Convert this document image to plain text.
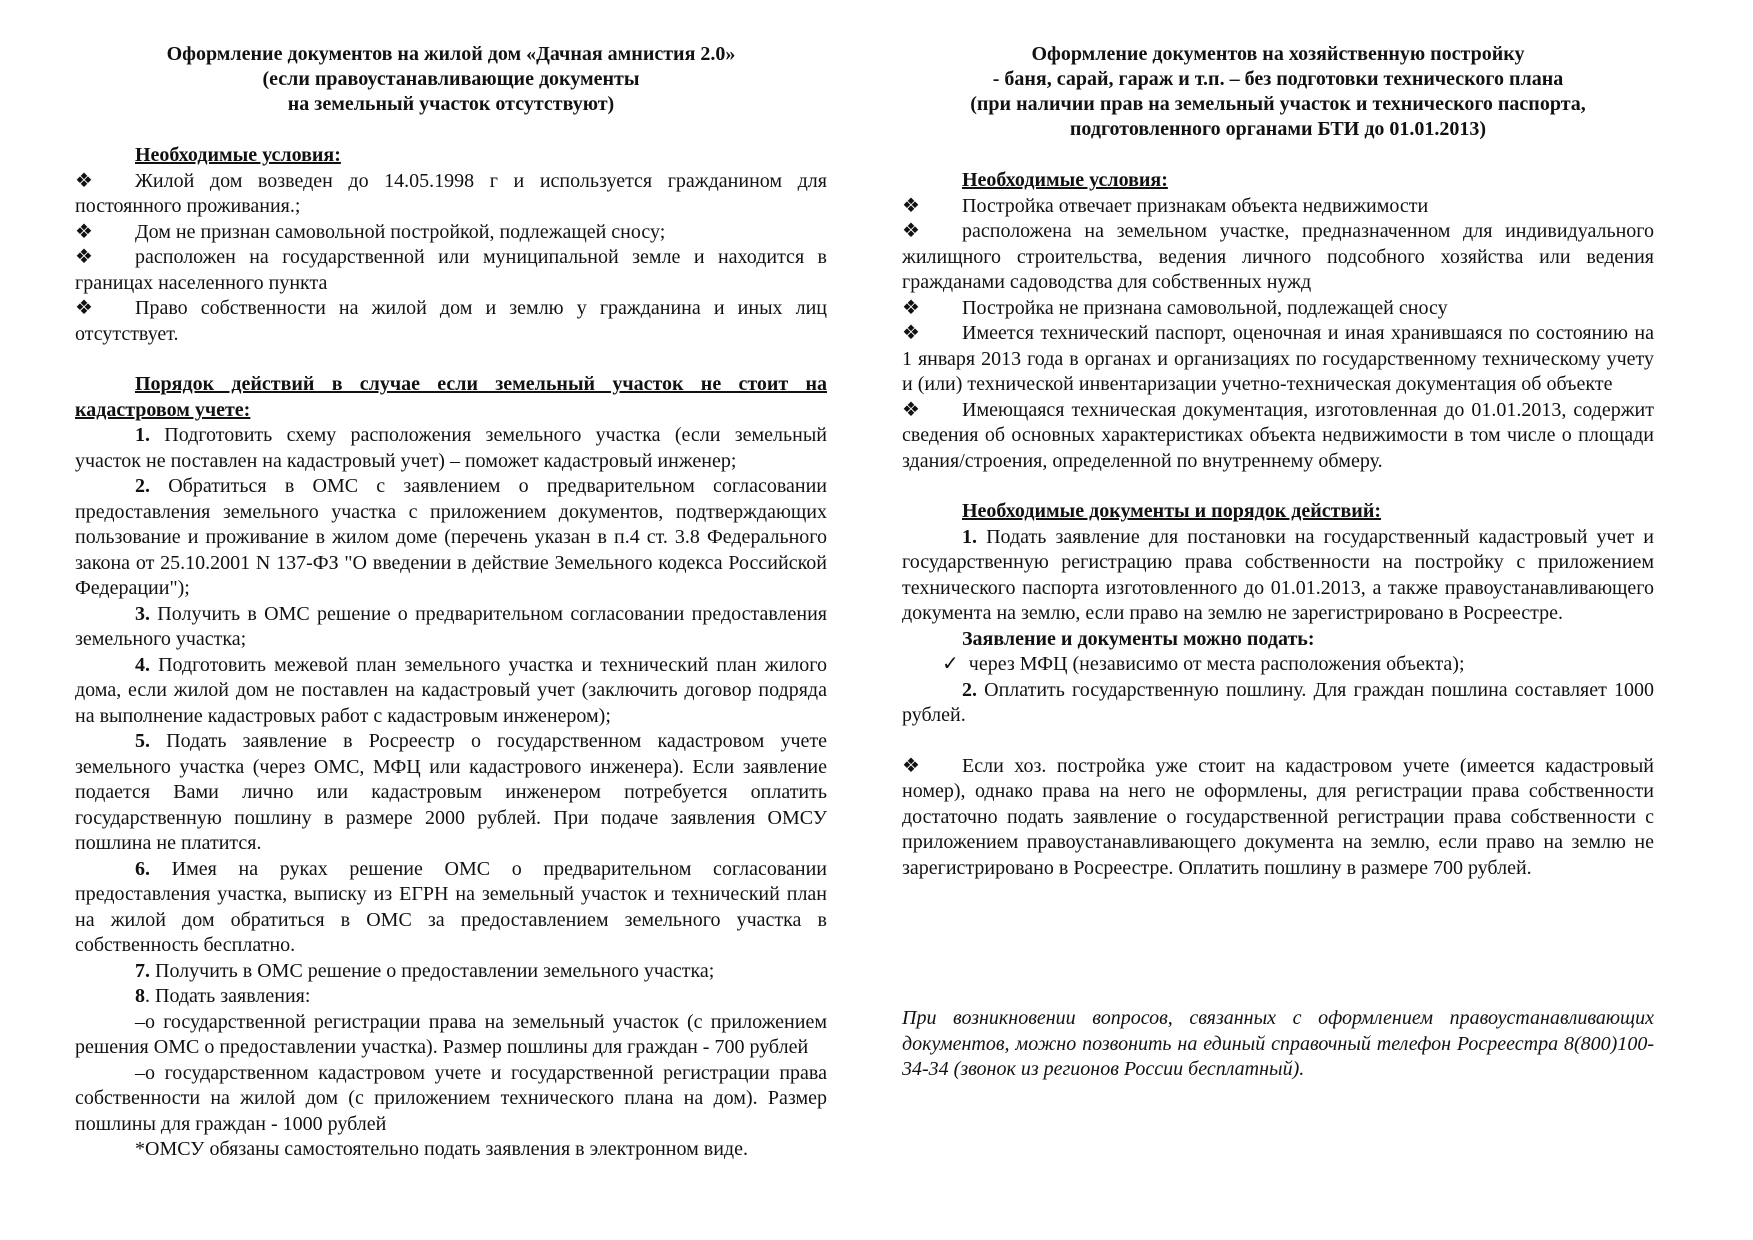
Оформление документов на жилой дом «Дачная амнистия 2.0»
(если правоустанавливающие документы
на земельный участок отсутствуют)

Необходимые условия:

❖ Жилой дом возведен до 14.05.1998 г и используется гражданином для постоянного проживания.;

❖ Дом не признан самовольной постройкой, подлежащей сносу;

❖ расположен на государственной или муниципальной земле и находится в границах населенного пункта

❖ Право собственности на жилой дом и землю у гражданина и иных лиц отсутствует.

Порядок действий в случае если земельный участок не стоит на кадастровом учете:

1. Подготовить схему расположения земельного участка (если земельный участок не поставлен на кадастровый учет) – поможет кадастровый инженер;

2. Обратиться в ОМС с заявлением о предварительном согласовании предоставления земельного участка с приложением документов, подтверждающих пользование и проживание в жилом доме (перечень указан в п.4 ст. 3.8 Федерального закона от 25.10.2001 N 137-ФЗ "О введении в действие Земельного кодекса Российской Федерации");

3. Получить в ОМС решение о предварительном согласовании предоставления земельного участка;

4. Подготовить межевой план земельного участка и технический план жилого дома, если жилой дом не поставлен на кадастровый учет (заключить договор подряда на выполнение кадастровых работ с кадастровым инженером);

5. Подать заявление в Росреестр о государственном кадастровом учете земельного участка (через ОМС, МФЦ или кадастрового инженера). Если заявление подается Вами лично или кадастровым инженером потребуется оплатить государственную пошлину в размере 2000 рублей. При подаче заявления ОМСУ пошлина не платится.

6. Имея на руках решение ОМС о предварительном согласовании предоставления участка, выписку из ЕГРН на земельный участок и технический план на жилой дом обратиться в ОМС за предоставлением земельного участка в собственность бесплатно.

7. Получить в ОМС решение о предоставлении земельного участка;

8. Подать заявления:

–о государственной регистрации права на земельный участок (с приложением решения ОМС о предоставлении участка). Размер пошлины для граждан - 700 рублей

–о государственном кадастровом учете и государственной регистрации права собственности на жилой дом (с приложением технического плана на дом). Размер пошлины для граждан - 1000 рублей

*ОМСУ обязаны самостоятельно подать заявления в электронном виде.

Оформление документов на хозяйственную постройку
- баня, сарай, гараж и т.п. – без подготовки технического плана
(при наличии прав на земельный участок и технического паспорта,
подготовленного органами БТИ до 01.01.2013)

Необходимые условия:

❖ Постройка отвечает признакам объекта недвижимости

❖ расположена на земельном участке, предназначенном для индивидуального жилищного строительства, ведения личного подсобного хозяйства или ведения гражданами садоводства для собственных нужд

❖ Постройка не признана самовольной, подлежащей сносу

❖ Имеется технический паспорт, оценочная и иная хранившаяся по состоянию на 1 января 2013 года в органах и организациях по государственному техническому учету и (или) технической инвентаризации учетно-техническая документация об объекте

❖ Имеющаяся техническая документация, изготовленная до 01.01.2013, содержит сведения об основных характеристиках объекта недвижимости в том числе о площади здания/строения, определенной по внутреннему обмеру.

Необходимые документы и порядок действий:

1. Подать заявление для постановки на государственный кадастровый учет и государственную регистрацию права собственности на постройку с приложением технического паспорта изготовленного до 01.01.2013, а также правоустанавливающего документа на землю, если право на землю не зарегистрировано в Росреестре.

Заявление и документы можно подать:

✓ через МФЦ (независимо от места расположения объекта);

2. Оплатить государственную пошлину. Для граждан пошлина составляет 1000 рублей.

❖ Если хоз. постройка уже стоит на кадастровом учете (имеется кадастровый номер), однако права на него не оформлены, для регистрации права собственности достаточно подать заявление о государственной регистрации права собственности с приложением правоустанавливающего документа на землю, если право на землю не зарегистрировано в Росреестре. Оплатить пошлину в размере 700 рублей.

При возникновении вопросов, связанных с оформлением правоустанавливающих документов, можно позвонить на единый справочный телефон Росреестра 8(800)100-34-34 (звонок из регионов России бесплатный).
